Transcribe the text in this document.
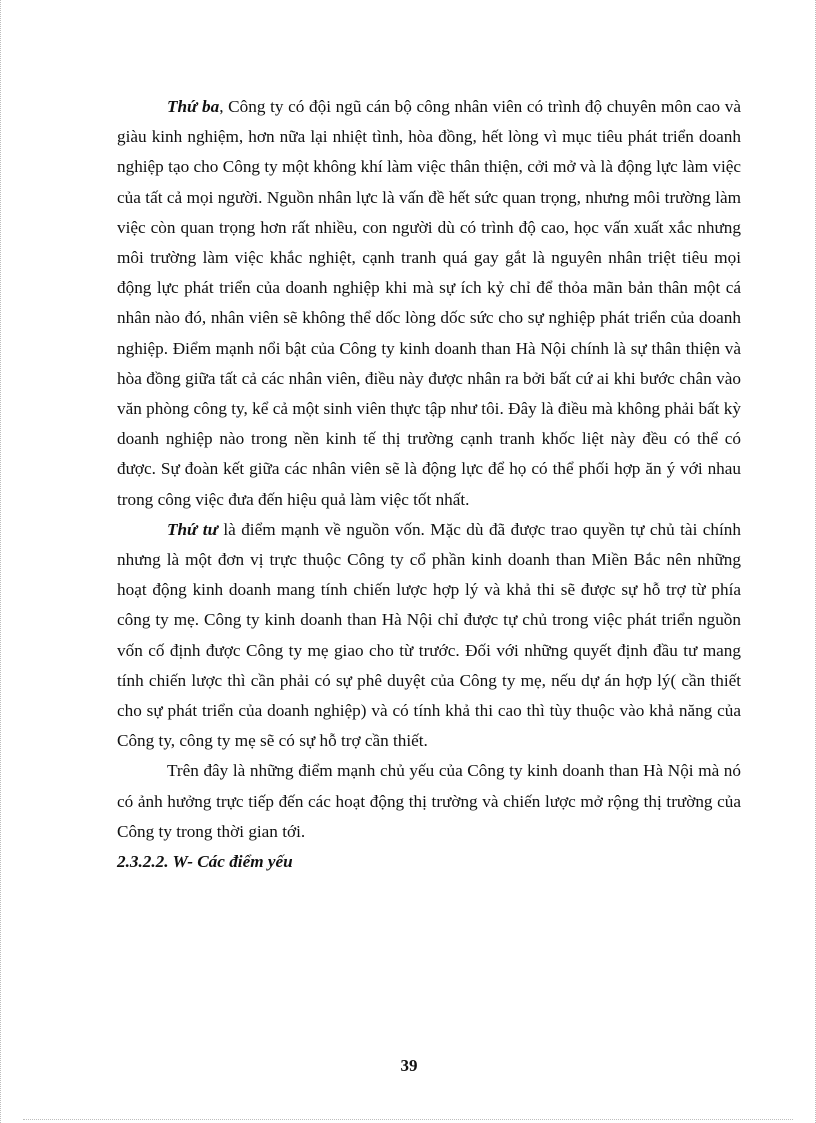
Thứ ba, Công ty có đội ngũ cán bộ công nhân viên có trình độ chuyên môn cao và giàu kinh nghiệm, hơn nữa lại nhiệt tình, hòa đồng, hết lòng vì mục tiêu phát triển doanh nghiệp tạo cho Công ty một không khí làm việc thân thiện, cởi mở và là động lực làm việc của tất cả mọi người. Nguồn nhân lực là vấn đề hết sức quan trọng, nhưng môi trường làm việc còn quan trọng hơn rất nhiều, con người dù có trình độ cao, học vấn xuất xắc nhưng môi trường làm việc khắc nghiệt, cạnh tranh quá gay gắt là nguyên nhân triệt tiêu mọi động lực phát triển của doanh nghiệp khi mà sự ích kỷ chỉ để thỏa mãn bản thân một cá nhân nào đó, nhân viên sẽ không thể dốc lòng dốc sức cho sự nghiệp phát triển của doanh nghiệp. Điểm mạnh nổi bật của Công ty kinh doanh than Hà Nội chính là sự thân thiện và hòa đồng giữa tất cả các nhân viên, điều này được nhân ra bởi bất cứ ai khi bước chân vào văn phòng công ty, kể cả một sinh viên thực tập như tôi. Đây là điều mà không phải bất kỳ doanh nghiệp nào trong nền kinh tế thị trường cạnh tranh khốc liệt này đều có thể có được. Sự đoàn kết giữa các nhân viên sẽ là động lực để họ có thể phối hợp ăn ý với nhau trong công việc đưa đến hiệu quả làm việc tốt nhất.

Thứ tư là điểm mạnh về nguồn vốn. Mặc dù đã được trao quyền tự chủ tài chính nhưng là một đơn vị trực thuộc Công ty cổ phần kinh doanh than Miền Bắc nên những hoạt động kinh doanh mang tính chiến lược hợp lý và khả thi sẽ được sự hỗ trợ từ phía công ty mẹ. Công ty kinh doanh than Hà Nội chỉ được tự chủ trong việc phát triển nguồn vốn cố định được Công ty mẹ giao cho từ trước. Đối với những quyết định đầu tư mang tính chiến lược thì cần phải có sự phê duyệt của Công ty mẹ, nếu dự án hợp lý( cần thiết cho sự phát triển của doanh nghiệp) và có tính khả thi cao thì tùy thuộc vào khả năng của Công ty, công ty mẹ sẽ có sự hỗ trợ cần thiết.

Trên đây là những điểm mạnh chủ yếu của Công ty kinh doanh than Hà Nội mà nó có ảnh hưởng trực tiếp đến các hoạt động thị trường và chiến lược mở rộng thị trường của Công ty trong thời gian tới.

2.3.2.2. W- Các điểm yếu

39
